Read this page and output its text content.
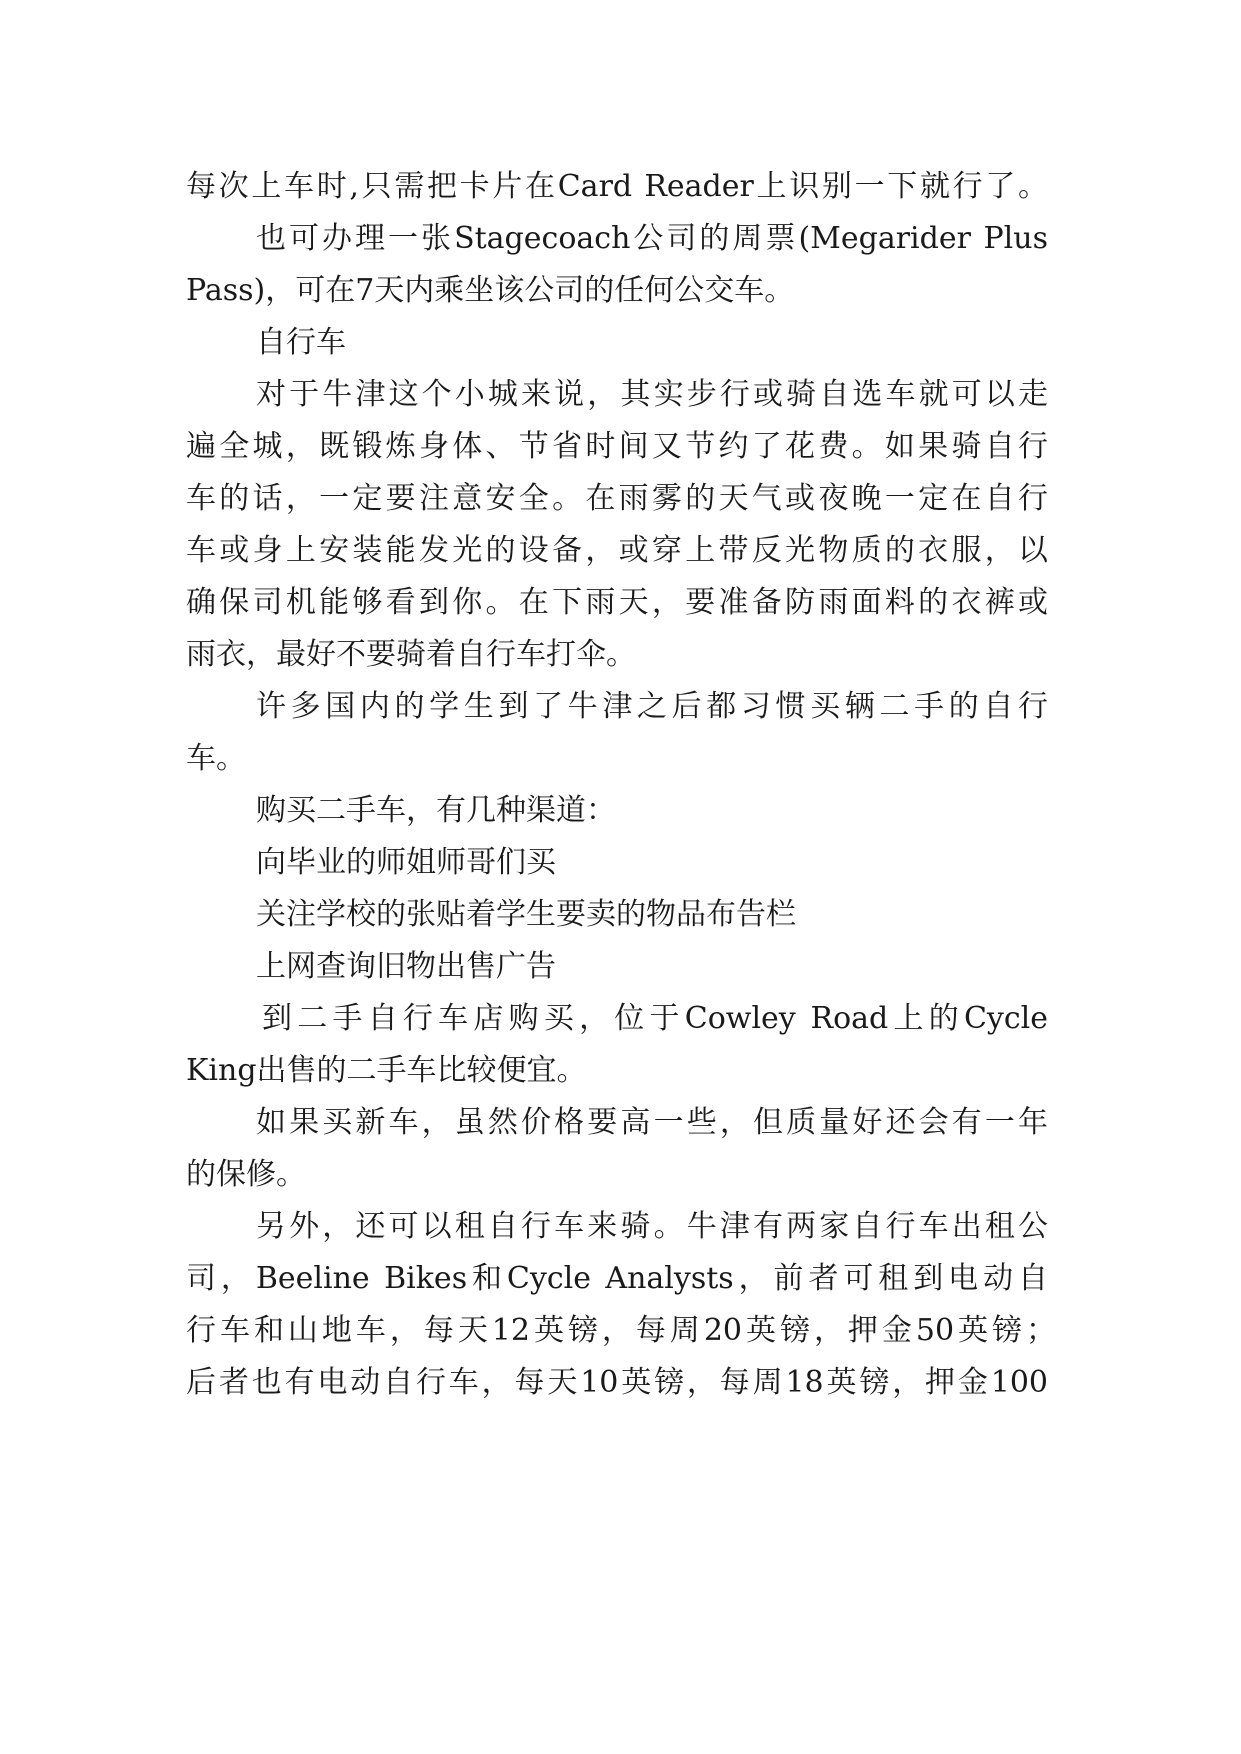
每次上车时,只需把卡片在Card Reader上识别一下就行了。
也可办理一张Stagecoach公司的周票(Megarider Plus
Pass)，可在7天内乘坐该公司的任何公交车。
自行车
对于牛津这个小城来说，其实步行或骑自选车就可以走
遍全城，既锻炼身体、节省时间又节约了花费。如果骑自行
车的话，一定要注意安全。在雨雾的天气或夜晚一定在自行
车或身上安装能发光的设备，或穿上带反光物质的衣服，以
确保司机能够看到你。在下雨天，要准备防雨面料的衣裤或
雨衣，最好不要骑着自行车打伞。
许多国内的学生到了牛津之后都习惯买辆二手的自行
车。
购买二手车，有几种渠道：
向毕业的师姐师哥们买
关注学校的张贴着学生要卖的物品布告栏
上网查询旧物出售广告
到二手自行车店购买，位于Cowley Road上的Cycle
King出售的二手车比较便宜。
如果买新车，虽然价格要高一些，但质量好还会有一年
的保修。
另外，还可以租自行车来骑。牛津有两家自行车出租公
司，Beeline Bikes和Cycle Analysts，前者可租到电动自
行车和山地车，每天12英镑，每周20英镑，押金50英镑；
后者也有电动自行车，每天10英镑，每周18英镑，押金100
